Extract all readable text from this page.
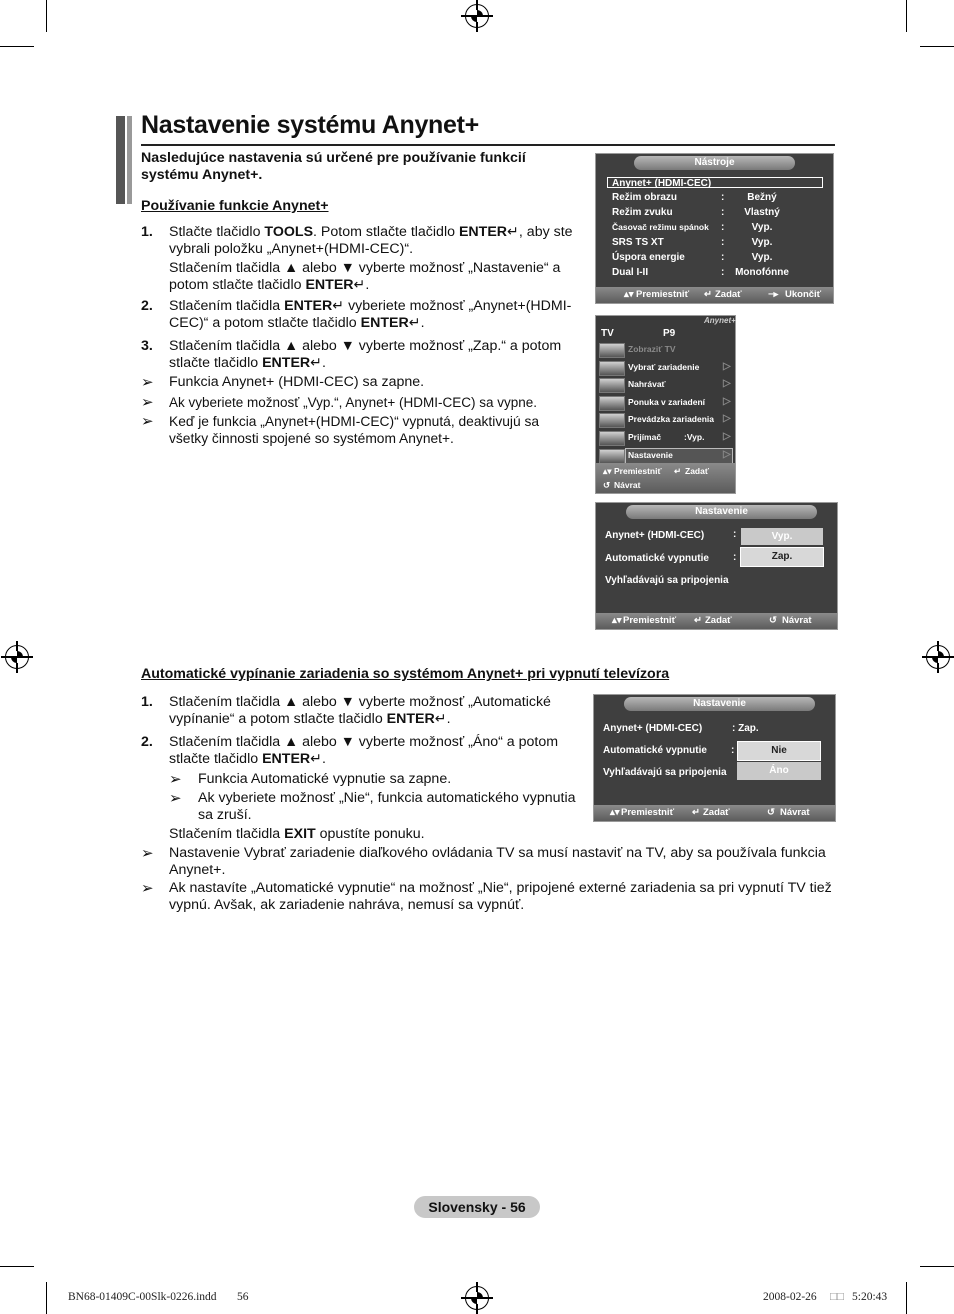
Nastavenie systému Anynet+
Nasledujúce nastavenia sú určené pre používanie funkcií systému Anynet+.
Používanie funkcie Anynet+
1. Stlačte tlačidlo TOOLS. Potom stlačte tlačidlo ENTER↵, aby ste vybrali položku „Anynet+(HDMI-CEC)“.
Stlačením tlačidla ▲ alebo ▼ vyberte možnosť „Nastavenie“ a potom stlačte tlačidlo ENTER↵.
2. Stlačením tlačidla ENTER↵ vyberiete možnosť „Anynet+(HDMI-CEC)“ a potom stlačte tlačidlo ENTER↵.
3. Stlačením tlačidla ▲ alebo ▼ vyberte možnosť „Zap.“ a potom stlačte tlačidlo ENTER↵.
➢ Funkcia Anynet+ (HDMI-CEC) sa zapne.
➢ Ak vyberiete možnosť „Vyp.“, Anynet+ (HDMI-CEC) sa vypne.
➢ Keď je funkcia „Anynet+(HDMI-CEC)“ vypnutá, deaktivujú sa všetky činnosti spojené so systémom Anynet+.
Nástroje
Anynet+ (HDMI-CEC)
Režim obrazu	:	Bežný
Režim zvuku	:	Vlastný
Časovač režimu spánok :	Vyp.
SRS TS XT	:	Vyp.
Úspora energie	:	Vyp.
Dual I-II	:	Monofónne
▴▾ Premiestniť ↵ Zadať	−▸ Ukončiť
TV	P9
Anynet+
Zobraziť TV
Vybrať zariadenie ▷
Nahrávať	▷
Ponuka v zariadení ▷
Prevádzka zariadenia ▷
Prijímač	:Vyp. ▷
Nastavenie	▷
▴▾ Premiestniť ↵ Zadať
↺ Návrat
Nastavenie
Anynet+ (HDMI-CEC)	:	Vyp.
Automatické vypnutie :	Zap.
Vyhľadávajú sa pripojenia
▴▾ Premiestniť ↵ Zadať	↺ Návrat
Automatické vypínanie zariadenia so systémom Anynet+ pri vypnutí televízora
1. Stlačením tlačidla ▲ alebo ▼ vyberte možnosť „Automatické vypínanie“ a potom stlačte tlačidlo ENTER↵.
2. Stlačením tlačidla ▲ alebo ▼ vyberte možnosť „Áno“ a potom stlačte tlačidlo ENTER↵.
➢ Funkcia Automatické vypnutie sa zapne.
➢ Ak vyberiete možnosť „Nie“, funkcia automatického vypnutia sa zruší.
Stlačením tlačidla EXIT opustíte ponuku.
➢ Nastavenie Vybrať zariadenie diaľkového ovládania TV sa musí nastaviť na TV, aby sa používala funkcia Anynet+.
➢ Ak nastavíte „Automatické vypnutie“ na možnosť „Nie“, pripojené externé zariadenia sa pri vypnutí TV tiež vypnú. Avšak, ak zariadenie nahráva, nemusí sa vypnúť.
Nastavenie
Anynet+ (HDMI-CEC)	: Zap.
Automatické vypnutie :	Nie
Vyhľadávajú sa pripojenia	Áno
▴▾ Premiestniť ↵ Zadať	↺ Návrat
Slovensky - 56
BN68-01409C-00Slk-0226.indd 56	2008-02-26 □□ 5:20:43
